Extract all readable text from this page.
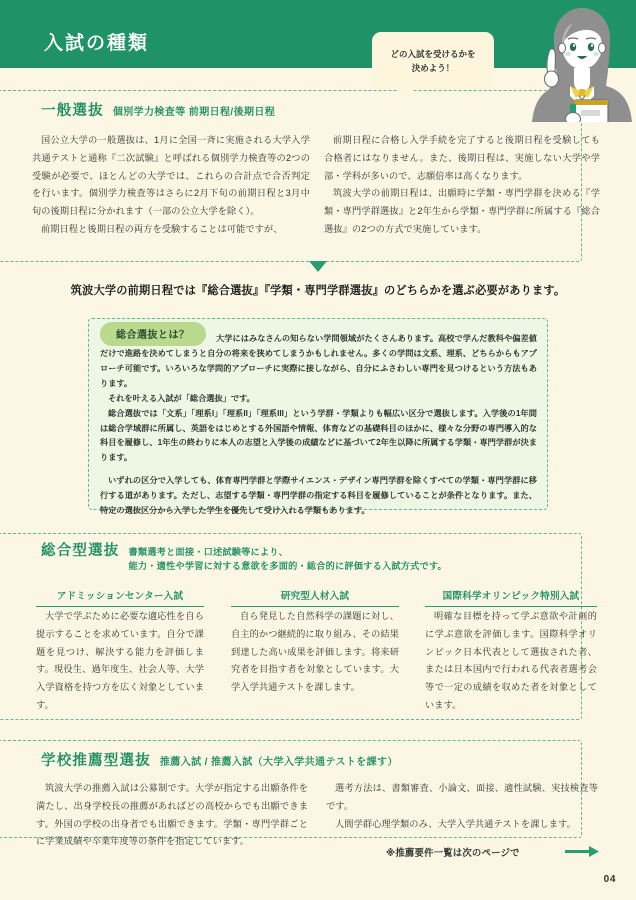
入試の種類	どの入試を受けるかを
決めよう！
一般選抜 個別学力検査等 前期日程/後期日程

国公立大学の一般選抜は、1月に全国一斉に実施される大学入学共通テストと通称『二次試験』と呼ばれる個別学力検査等の2つの受験が必要で、ほとんどの大学では、これらの合計点で合否判定を行います。個別学力検査等はさらに2月下旬の前期日程と3月中旬の後期日程に分かれます（一部の公立大学を除く）。

前期日程と後期日程の両方を受験することは可能ですが、

前期日程に合格し入学手続を完了すると後期日程を受験しても合格者にはなりません。また、後期日程は、実施しない大学や学部・学科が多いので、志願倍率は高くなります。

筑波大学の前期日程は、出願時に学類・専門学群を決める『学類・専門学群選抜』と2年生から学類・専門学群に所属する『総合選抜』の2つの方式で実施しています。

筑波大学の前期日程では『総合選抜』『学類・専門学群選抜』のどちらかを選ぶ必要があります。
総合選抜とは？	大学にはみなさんの知らない学問領域がたくさんあります。高校で学んだ教科や偏差値だけで進路を決めてしまうと自分の将来を狭めてしまうかもしれません。多くの学問は文系、理系、どちらからもアプローチ可能です。いろいろな学問的アプローチに実際に接しながら、自分にふさわしい専門を見つけるという方法もあります。

それを叶える入試が「総合選抜」です。

総合選抜では「文系」「理系I」「理系II」「理系III」という学群・学類よりも幅広い区分で選抜します。入学後の1年間は総合学域群に所属し、英語をはじめとする外国語や情報、体育などの基礎科目のほかに、様々な分野の専門導入的な科目を履修し、1年生の終わりに本人の志望と入学後の成績などに基づいて2年生以降に所属する学類・専門学群が決まります。

いずれの区分で入学しても、体育専門学群と学際サイエンス・デザイン専門学群を除くすべての学類・専門学群に移行する道があります。ただし、志望する学類・専門学群の指定する科目を履修していることが条件となります。また、特定の選抜区分から入学した学生を優先して受け入れる学類もあります。

総合型選抜 書類選考と面接・口述試験等により、
能力・適性や学習に対する意欲を多面的・総合的に評価する入試方式です。
アドミッションセンター入試

大学で学ぶために必要な適応性を自ら提示することを求めています。自分で課題を見つけ、解決する能力を評価します。現役生、過年度生、社会人等、大学入学資格を持つ方を広く対象としています。

研究型人材入試

自ら発見した自然科学の課題に対し、自主的かつ継続的に取り組み、その結果到達した高い成果を評価します。将来研究者を目指す者を対象としています。大学入学共通テストを課します。

国際科学オリンピック特別入試

明確な目標を持って学ぶ意欲や計画的に学ぶ意欲を評価します。国際科学オリンピック日本代表として選抜された者、または日本国内で行われる代表者選考会等で一定の成績を収めた者を対象としています。

学校推薦型選抜 推薦入試 / 推薦入試（大学入学共通テストを課す）

筑波大学の推薦入試は公募制です。大学が指定する出願条件を満たし、出身学校長の推薦があればどの高校からでも出願できます。外国の学校の出身者でも出願できます。学類・専門学群ごとに学業成績や卒業年度等の条件を指定しています。

選考方法は、書類審査、小論文、面接、適性試験、実技検査等です。

人間学群心理学類のみ、大学入学共通テストを課します。

※推薦要件一覧は次のページで
04
